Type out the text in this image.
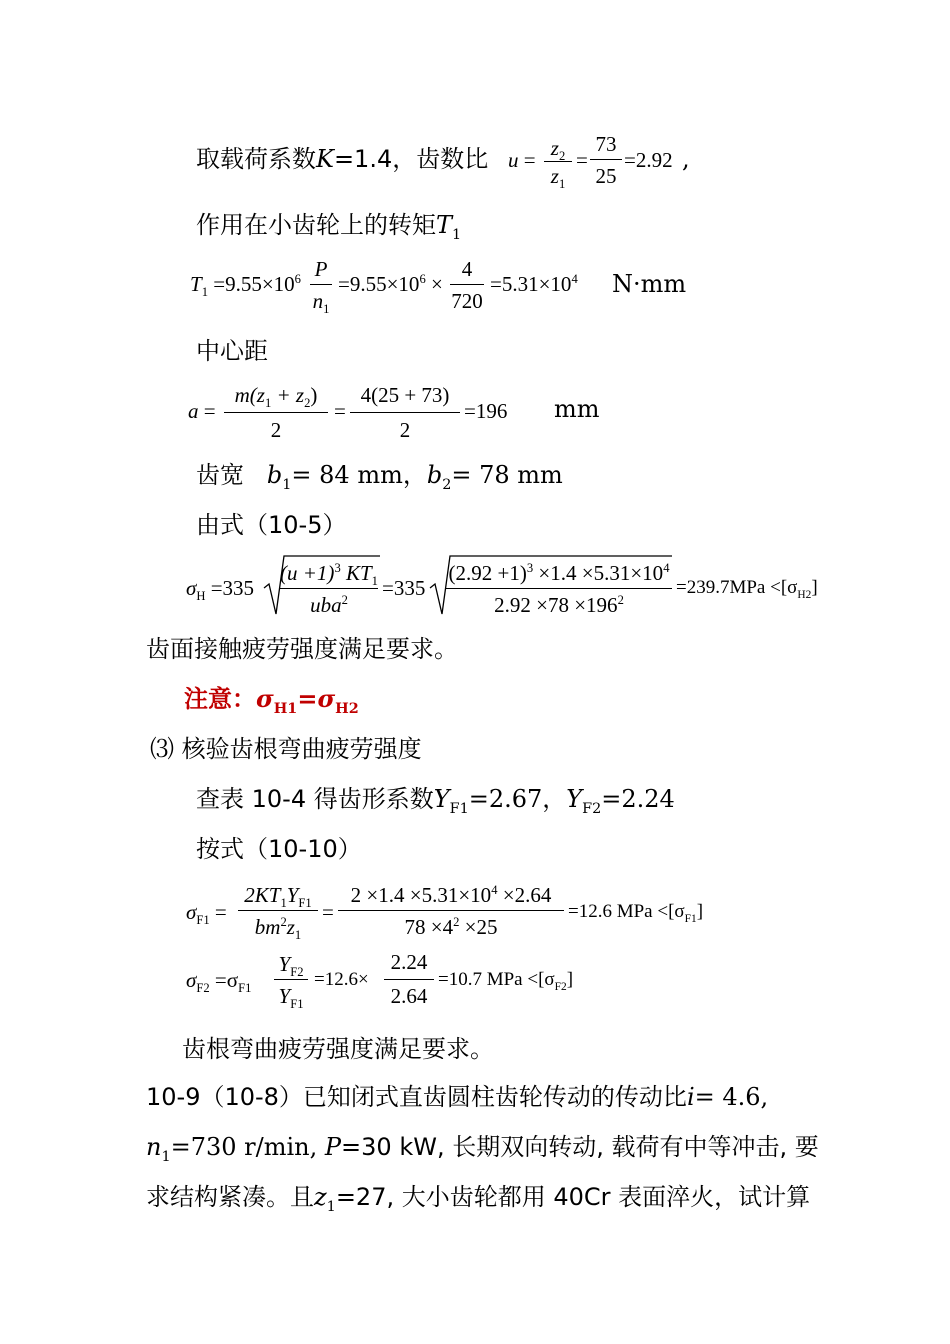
取载荷系数K=1.4，齿数比 $u = z_2$
$z_1$
=
73
25
=2.92 ,
作用在小齿轮上的转矩$T_1$
$T_1 =9.55\times 10^6$ P
$n_1$
$=9.55\times 10^6$ ×
4
720
$=5.31\times 10^4$ N·mm
中心距
a =
$m(z_1 + z_2)$
2
=
4(25 + 73)
2
=196 mm
齿宽 $b_1= 84$ mm，$b_2= 78$ mm
由式（10-5）
$\sigma_H =335$
$(u +1)^3$ $KT_1$
uba$^2$	=335
$(2.92 +1)^3 \times 1.4 \times 5.31\times 10^4$
$2.92 \times 78 \times 196^2$
$=239.7MPa <[\sigma_{H2}]$
齿面接触疲劳强度满足要求。
注意：$\sigma_{H1}=\sigma_{H2}$
⑶ 核验齿根弯曲疲劳强度
查表 10-4 得齿形系数$Y_{F1}=2.67$，$Y_{F2}=2.24$
按式（10-10）
$\sigma_{F1}$ =
$2KT_1Y_{F1}$
$bm^2z_1$
=
$2 \times 1.4 \times 5.31\times 10^4 \times 2.64$
$78 \times 4^2 \times 25$
=12.6 MPa $<[\sigma_{F1}]$
$\sigma_{F2} =\sigma_{F1}$
$Y_{F2}$
$Y_{F1}$
=12.6×
2.24
2.64
=10.7 MPa $<[\sigma_{F2}]$
齿根弯曲疲劳强度满足要求。
10-9（10-8）已知闭式直齿圆柱齿轮传动的传动比i= 4.6,
$n_1=730$ r/min, P=30 kW, 长期双向转动, 载荷有中等冲击, 要
求结构紧凑。且$z_1=27$, 大小齿轮都用 40Cr 表面淬火，试计算
